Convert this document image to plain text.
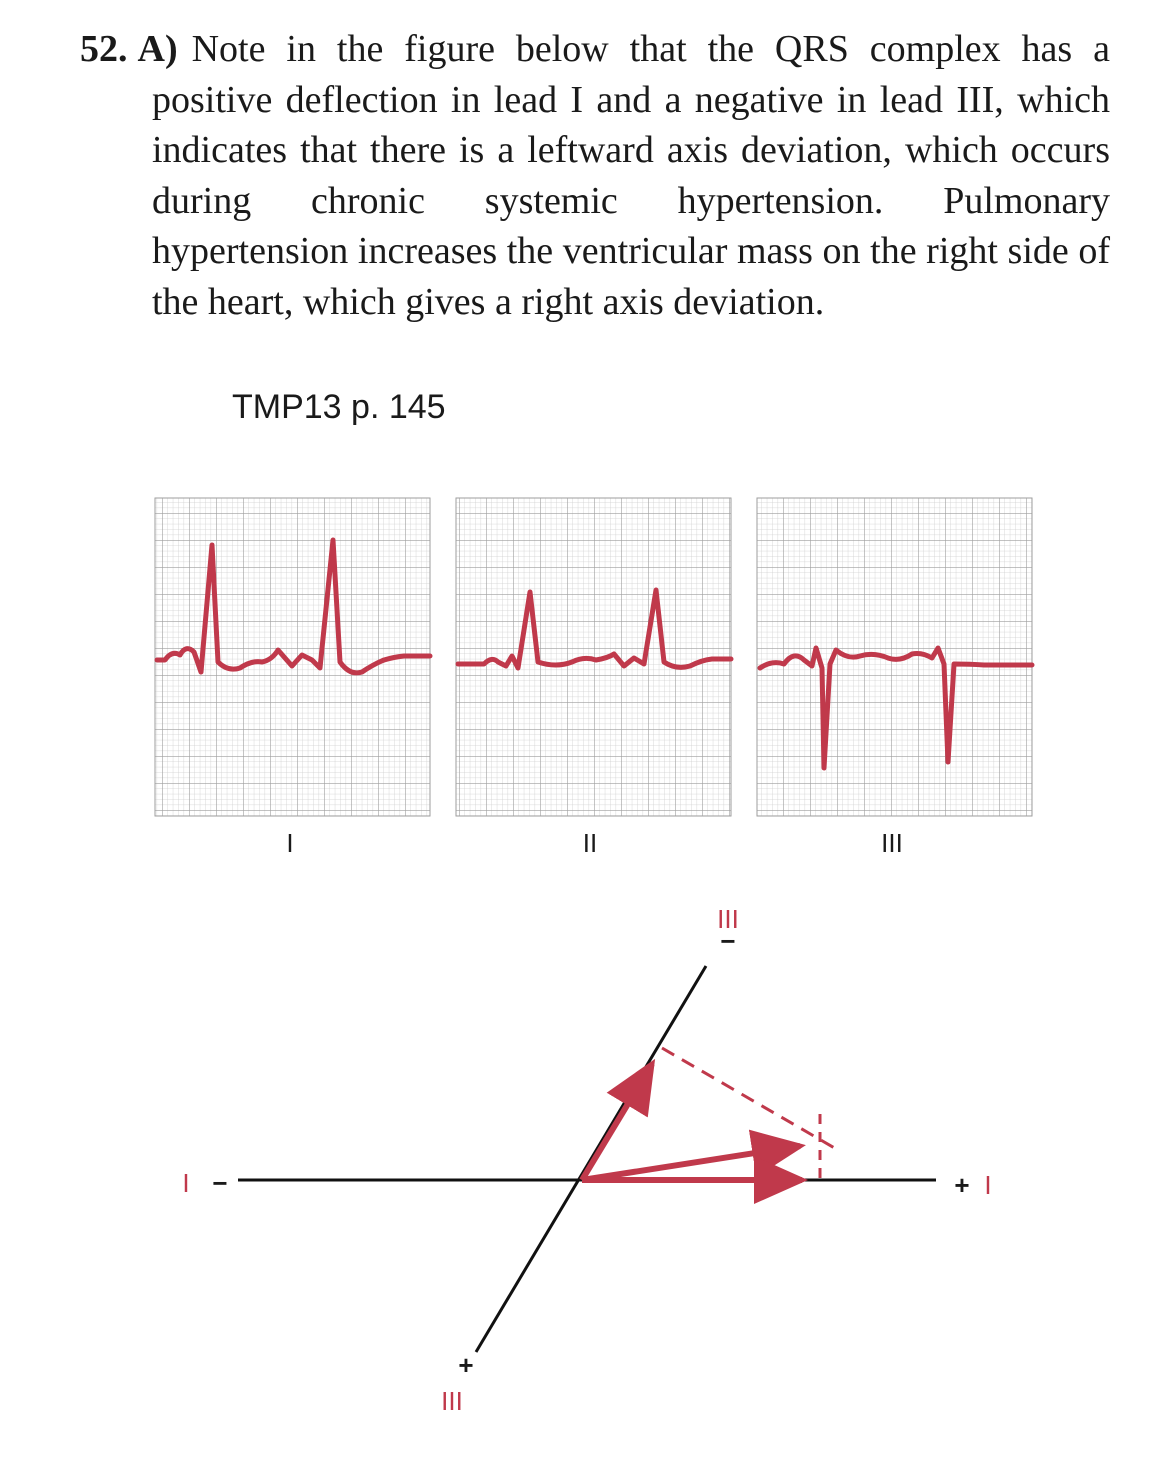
52. A) Note in the figure below that the QRS complex has a positive deflection in lead I and a negative in lead III, which indicates that there is a leftward axis deviation, which occurs during chronic systemic hypertension. Pulmonary hypertension increases the ventricular mass on the right side of the heart, which gives a right axis deviation.
TMP13 p. 145
I	II	III
I −	+ I
III
−
+
III
